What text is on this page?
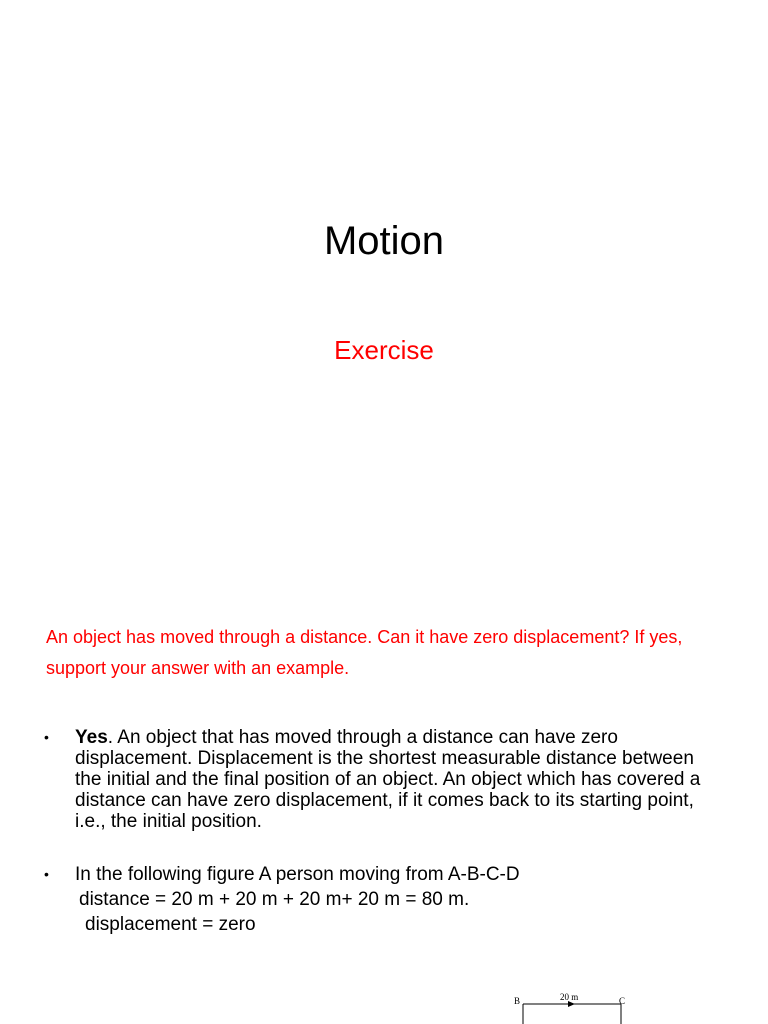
Motion
Exercise

An object has moved through a distance. Can it have zero displacement? If yes, support your answer with an example.

• Yes. An object that has moved through a distance can have zero displacement. Displacement is the shortest measurable distance between the initial and the final position of an object. An object which has covered a distance can have zero displacement, if it comes back to its starting point, i.e., the initial position.
• In the following figure A person moving from A-B-C-D
distance = 20 m + 20 m + 20 m+ 20 m = 80 m.
displacement = zero
B	20 m	C
